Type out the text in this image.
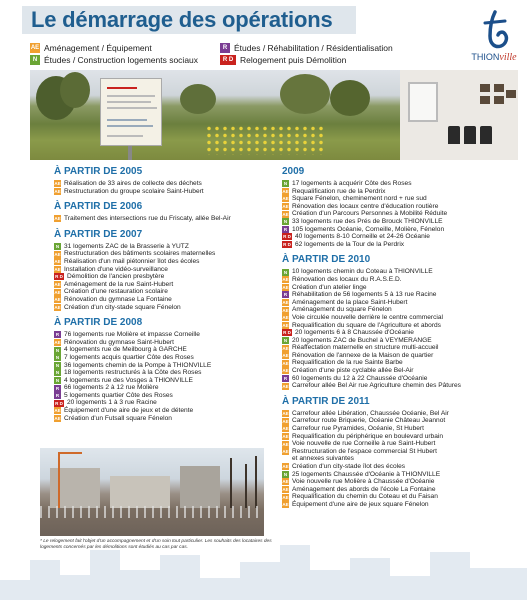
Le démarrage des opérations
THIONville
AE Aménagement / Équipement
N Études / Construction logements sociaux
R Études / Réhabilitation / Résidentialisation
R D Relogement puis Démolition
À PARTIR DE 2005
AE Réalisation de 33 aires de collecte des déchets
AE Restructuration du groupe scolaire Saint-Hubert
À PARTIR DE 2006
AE Traitement des intersections rue du Friscaty, allée Bel-Air
À PARTIR DE 2007
N 31 logements ZAC de la Brasserie à YUTZ
AE Restructuration des bâtiments scolaires maternelles
AE Réalisation d'un mail piétonnier îlot des écoles
AE Installation d'une vidéo-surveillance
R D Démolition de l'ancien presbytère
AE Aménagement de la rue Saint-Hubert
AE Création d'une restauration scolaire
AE Rénovation du gymnase La Fontaine
AE Création d'un city-stade square Fénelon
À PARTIR DE 2008
R 76 logements rue Molière et impasse Corneille
AE Rénovation du gymnase Saint-Hubert
N 4 logements rue de Meilbourg à GARCHE
N 7 logements acquis quartier Côte des Roses
N 36 logements chemin de la Pompe à THIONVILLE
N 18 logements restructurés à la Côte des Roses
N 4 logements rue des Vosges à THIONVILLE
R 66 logements 2 à 12 rue Molière
R 5 logements quartier Côte des Roses
R D 20 logements 1 à 3 rue Racine
AE Équipement d'une aire de jeux et de détente
AE Création d'un Futsall square Fénelon
2009
N 17 logements à acquérir Côte des Roses
AE Requalification rue de la Perdrix
AE Square Fénelon, cheminement nord + rue sud
AE Rénovation des locaux centre d'éducation routière
AE Création d'un Parcours Personnes à Mobilité Réduite
N 33 logements rue des Prés de Brouck THIONVILLE
R 105 logements Océanie, Corneille, Molière, Fénelon
R D 40 logements 8-10 Corneille et 24-26 Océanie
R D 62 logements de la Tour de la Perdrix
À PARTIR DE 2010
N 10 logements chemin du Coteau à THIONVILLE
AE Rénovation des locaux du R.A.S.E.D.
AE Création d'un atelier linge
R Réhabilitation de 56 logements 5 à 13 rue Racine
AE Aménagement de la place Saint-Hubert
AE Aménagement du square Fénelon
AE Voie circulée nouvelle derrière le centre commercial
AE Requalification du square de l'Agriculture et abords
R D 20 logements 6 à 8 Chaussée d'Océanie
N 20 logements ZAC de Buchel à VEYMERANGE
AE Réaffectation maternelle en structure multi-accueil
AE Rénovation de l'annexe de la Maison de quartier
AE Requalification de la rue Sainte Barbe
AE Création d'une piste cyclable allée Bel-Air
R 60 logements du 12 à 22 Chaussée d'Océanie
AE Carrefour allée Bel Air rue Agriculture chemin des Pâtures
À PARTIR DE 2011
AE Carrefour allée Libération, Chaussée Océanie, Bel Air
AE Carrefour route Briquerie, Océanie Château Jeannot
AE Carrefour rue Pyramides, Océanie, St Hubert
AE Requalification du périphérique en boulevard urbain
AE Voie nouvelle de rue Corneille à rue Saint-Hubert
AE Restructuration de l'espace commercial St Hubert
et annexes suivantes
AE Création d'un city-stade îlot des écoles
N 25 logements Chaussée d'Océanie à THIONVILLE
AE Voie nouvelle rue Molière à Chaussée d'Océanie
AE Aménagement des abords de l'école La Fontaine
AE Requalification du chemin du Coteau et du Faisan
AE Équipement d'une aire de jeux square Fénelon
* Le relogement fait l'objet d'un accompagnement et d'un soin tout particulier. Les souhaits des locataires des logements concernés par les démolitions sont étudiés au cas par cas.
